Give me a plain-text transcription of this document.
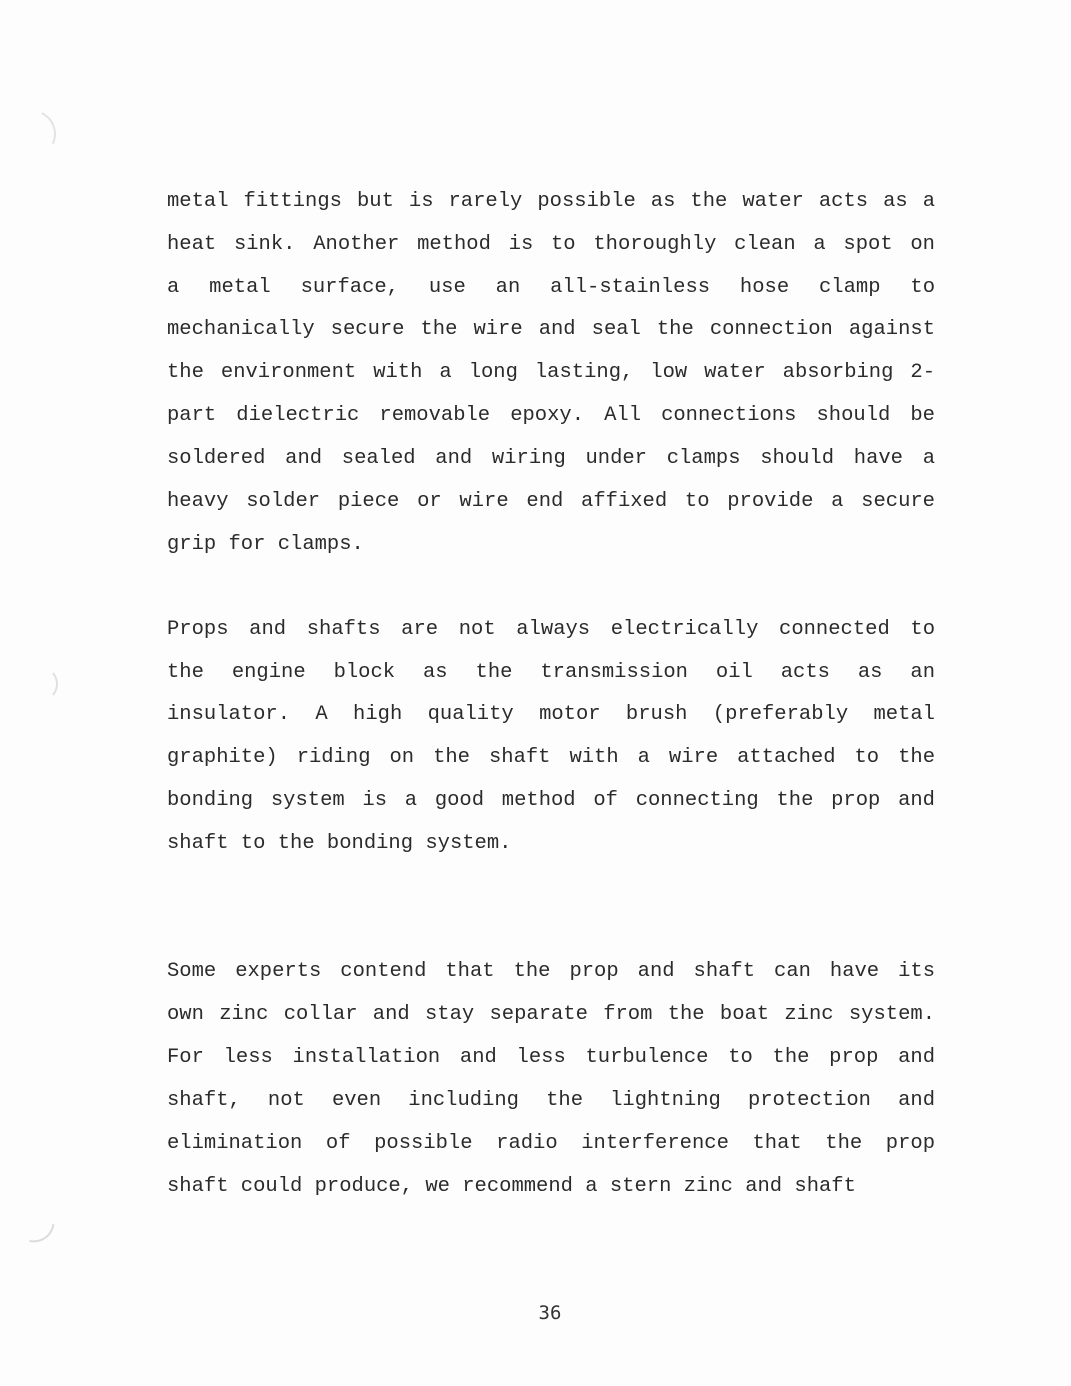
metal fittings but is rarely possible as the water acts as a
heat sink. Another method is to thoroughly clean a spot on
a metal surface, use an all-stainless hose clamp to
mechanically secure the wire and seal the connection against
the environment with a long lasting, low water absorbing 2-
part dielectric removable epoxy. All connections should be
soldered and sealed and wiring under clamps should have a
heavy solder piece or wire end affixed to provide a secure
grip for clamps.
Props and shafts are not always electrically connected to
the engine block as the transmission oil acts as an
insulator. A high quality motor brush (preferably metal
graphite) riding on the shaft with a wire attached to the
bonding system is a good method of connecting the prop and
shaft to the bonding system.
Some experts contend that the prop and shaft can have its
own zinc collar and stay separate from the boat zinc system.
For less installation and less turbulence to the prop and
shaft, not even including the lightning protection and
elimination of possible radio interference that the prop
shaft could produce, we recommend a stern zinc and shaft
36
